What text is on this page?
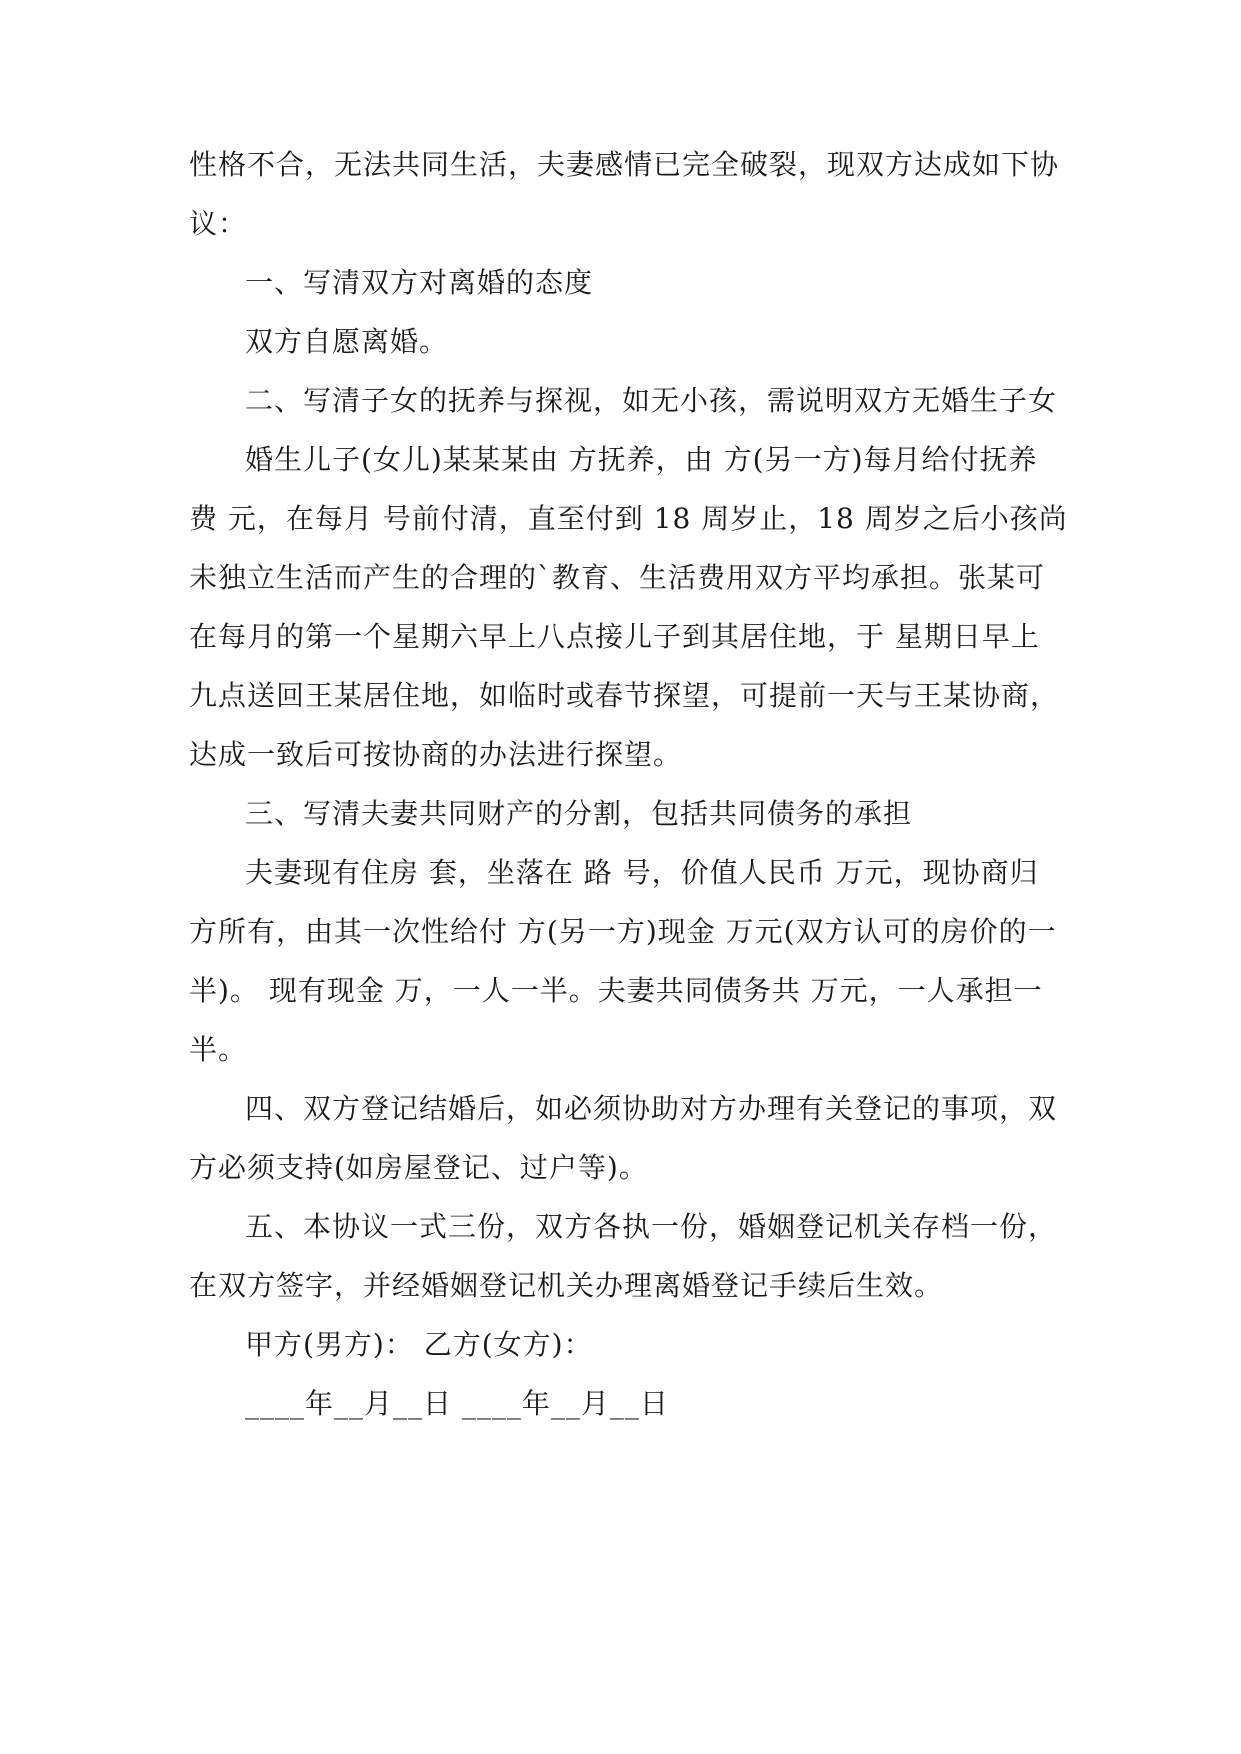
性格不合，无法共同生活，夫妻感情已完全破裂，现双方达成如下协
议：
一、写清双方对离婚的态度
双方自愿离婚。
二、写清子女的抚养与探视，如无小孩，需说明双方无婚生子女
婚生儿子(女儿)某某某由 方抚养，由 方(另一方)每月给付抚养
费 元，在每月 号前付清，直至付到 18 周岁止，18 周岁之后小孩尚
未独立生活而产生的合理的`教育、生活费用双方平均承担。张某可
在每月的第一个星期六早上八点接儿子到其居住地，于 星期日早上
九点送回王某居住地，如临时或春节探望，可提前一天与王某协商，
达成一致后可按协商的办法进行探望。
三、写清夫妻共同财产的分割，包括共同债务的承担
夫妻现有住房 套，坐落在 路 号，价值人民币 万元，现协商归
方所有，由其一次性给付 方(另一方)现金 万元(双方认可的房价的一
半)。 现有现金 万，一人一半。夫妻共同债务共 万元，一人承担一
半。
四、双方登记结婚后，如必须协助对方办理有关登记的事项，双
方必须支持(如房屋登记、过户等)。
五、本协议一式三份，双方各执一份，婚姻登记机关存档一份，
在双方签字，并经婚姻登记机关办理离婚登记手续后生效。
甲方(男方)： 乙方(女方)：
____年__月__日 ____年__月__日
